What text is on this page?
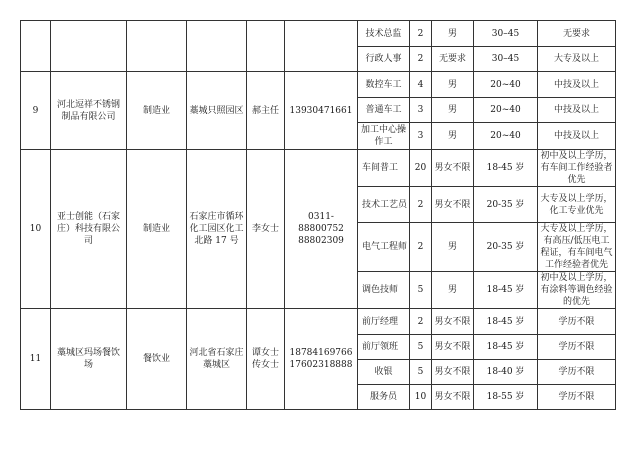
						技术总监	2	男	30–45	无要求
						行政人事	2	无要求	30–45	大专及以上
9	河北逗祥不锈钢制品有限公司	制造业	藁城只照园区	郝主任	13930471661	数控车工	4	男	20~40	中技及以上
						普通车工	3	男	20~40	中技及以上
						加工中心操作工	3	男	20~40	中技及以上
10	亚士创能（石家庄）科技有限公司	制造业	石家庄市循环化工园区化工北路 17 号	李女士	0311-88800752 88802309	车间普工	20	男女不限	18-45 岁	初中及以上学历，有车间工作经验者优先
						技术工艺员	2	男女不限	20-35 岁	大专及以上学历，化工专业优先
						电气工程师	2	男	20-35 岁	大专及以上学历，有高压/低压电工程证，有车间电气工作经验者优先
						调色技师	5	男	18-45 岁	初中及以上学历，有涂料等调色经验的优先
11	藁城区玛场餐饮场	餐饮业	河北省石家庄藁城区	谭女士 传女士	18784169766 17602318888	前厅经理	2	男女不限	18-45 岁	学历不限
						前厅领班	5	男女不限	18-45 岁	学历不限
						收银	5	男女不限	18-40 岁	学历不限
						服务员	10	男女不限	18-55 岁	学历不限
